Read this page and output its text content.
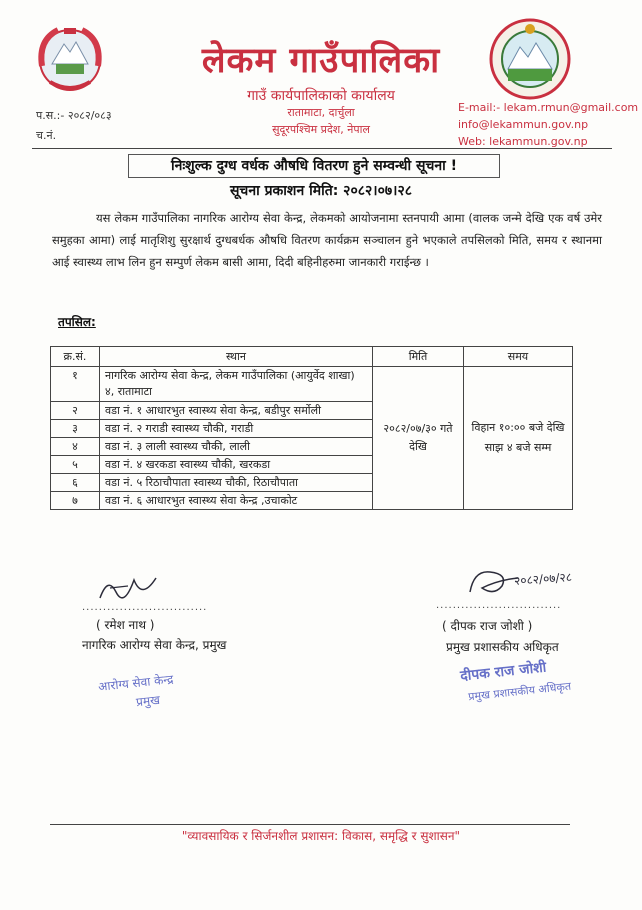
लेकम गाउँपालिका
गाउँ कार्यपालिकाको कार्यालय
रातामाटा, दार्चुला
सुदूरपश्चिम प्रदेश, नेपाल
प.स.:- २०८२/०८३
च.नं.
E-mail:- lekam.rmun@gmail.com
info@lekammun.gov.np
Web: lekammun.gov.np
निःशुल्क दुग्ध वर्धक औषधि वितरण हुने सम्वन्धी सूचना !
सूचना प्रकाशन मिति: २०८२।०७।२८
यस लेकम गाउँपालिका नागरिक आरोग्य सेवा केन्द्र, लेकमको आयोजनामा स्तनपायी आमा (वालक जन्मे देखि एक वर्ष उमेर समुहका आमा) लाई मातृशिशु सुरक्षार्थ दुग्धबर्धक औषधि वितरण कार्यक्रम सञ्चालन हुने भएकाले तपसिलको मिति, समय र स्थानमा आई स्वास्थ्य लाभ लिन हुन सम्पुर्ण लेकम बासी आमा, दिदी बहिनीहरुमा जानकारी गराईन्छ ।
तपसिल:
क्र.सं.	स्थान	मिति	समय
१	नागरिक आरोग्य सेवा केन्द्र, लेकम गाउँपालिका (आयुर्वेद शाखा) ४, रातामाटा	२०८२/०७/३० गते देखि	विहान १०:०० बजे देखि साझ ४ बजे सम्म
२	वडा नं. १ आधारभुत स्वास्थ्य सेवा केन्द्र, बडीपुर सर्मोली		
३	वडा नं. २ गराडी स्वास्थ्य चौकी, गराडी		
४	वडा नं. ३ लाली स्वास्थ्य चौकी, लाली		
५	वडा नं. ४ खरकडा स्वास्थ्य चौकी, खरकडा		
६	वडा नं. ५ रिठाचौपाता स्वास्थ्य चौकी, रिठाचौपाता		
७	वडा नं. ६ आधारभुत स्वास्थ्य सेवा केन्द्र ,उचाकोट		
..............................
( रमेश नाथ )
नागरिक आरोग्य सेवा केन्द्र, प्रमुख
आरोग्य सेवा केन्द्र
प्रमुख
२०८२/०७/२८
..............................
( दीपक राज जोशी )
प्रमुख प्रशासकीय अधिकृत
दीपक राज जोशी
प्रमुख प्रशासकीय अधिकृत
"व्यावसायिक र सिर्जनशील प्रशासन: विकास, समृद्धि र सुशासन"
